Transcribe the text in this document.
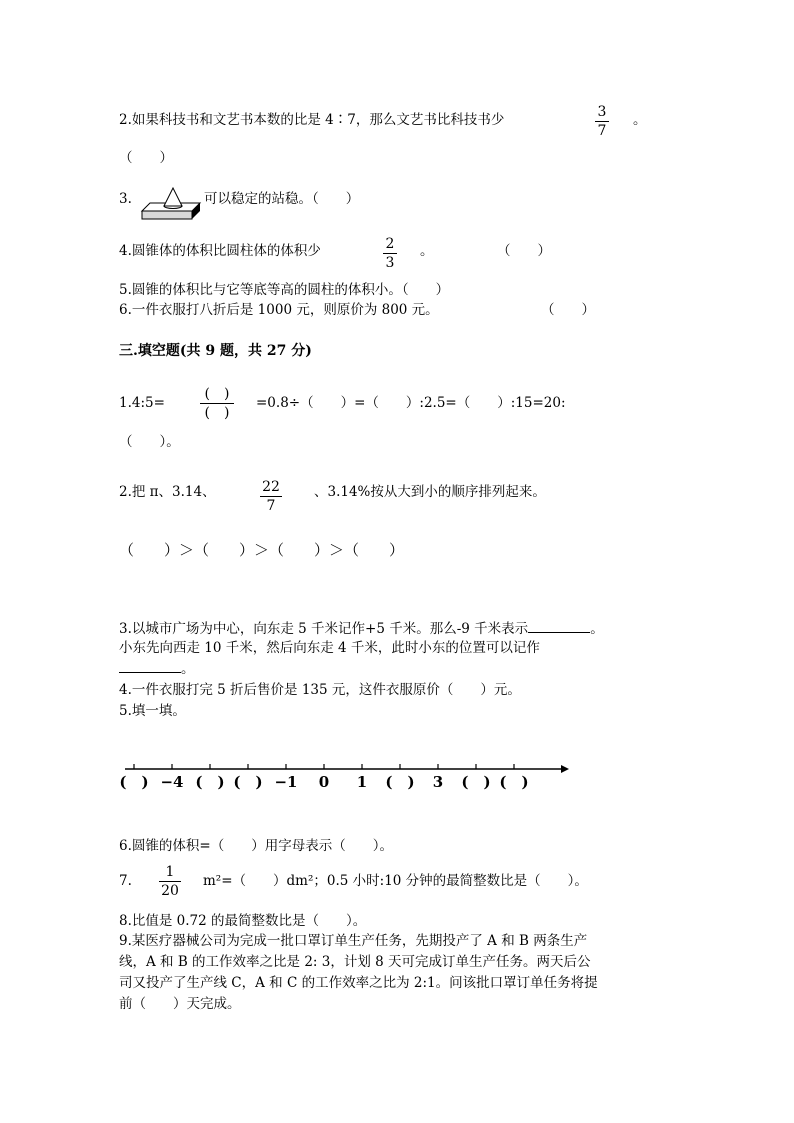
2.如果科技书和文艺书本数的比是 4∶7，那么文艺书比科技书少	3
7
。
（　　）
3.	可以稳定的站稳。（　　）
4.圆锥体的体积比圆柱体的体积少	2
3
。	（　　）
5.圆锥的体积比与它等底等高的圆柱的体积小。（　　）
6.一件衣服打八折后是 1000 元，则原价为 800 元。	（　　）
三.填空题(共 9 题，共 27 分)
1.4:5=
(　)
(　)
=0.8÷（　　）=（　　）:2.5=（　　）:15=20:
（　　）。
2.把 π、3.14、	22
7
、3.14%按从大到小的顺序排列起来。
（　　）＞（　　）＞（　　）＞（　　）
3.以城市广场为中心，向东走 5 千米记作+5 千米。那么-9 千米表示	。
小东先向西走 10 千米，然后向东走 4 千米，此时小东的位置可以记作
。
4.一件衣服打完 5 折后售价是 135 元，这件衣服原价（　　）元。
5.填一填。
(　) −4 (　) (　) −1	0	1	(　)	3	(　) (　)
6.圆锥的体积=（　　）用字母表示（　　）。
7.
1
20
m²=（　　）dm²；0.5 小时:10 分钟的最简整数比是（　　）。
8.比值是 0.72 的最简整数比是（　　）。
9.某医疗器械公司为完成一批口罩订单生产任务，先期投产了 A 和 B 两条生产
线，A 和 B 的工作效率之比是 2: 3，计划 8 天可完成订单生产任务。两天后公
司又投产了生产线 C，A 和 C 的工作效率之比为 2:1。问该批口罩订单任务将提
前（　　）天完成。
